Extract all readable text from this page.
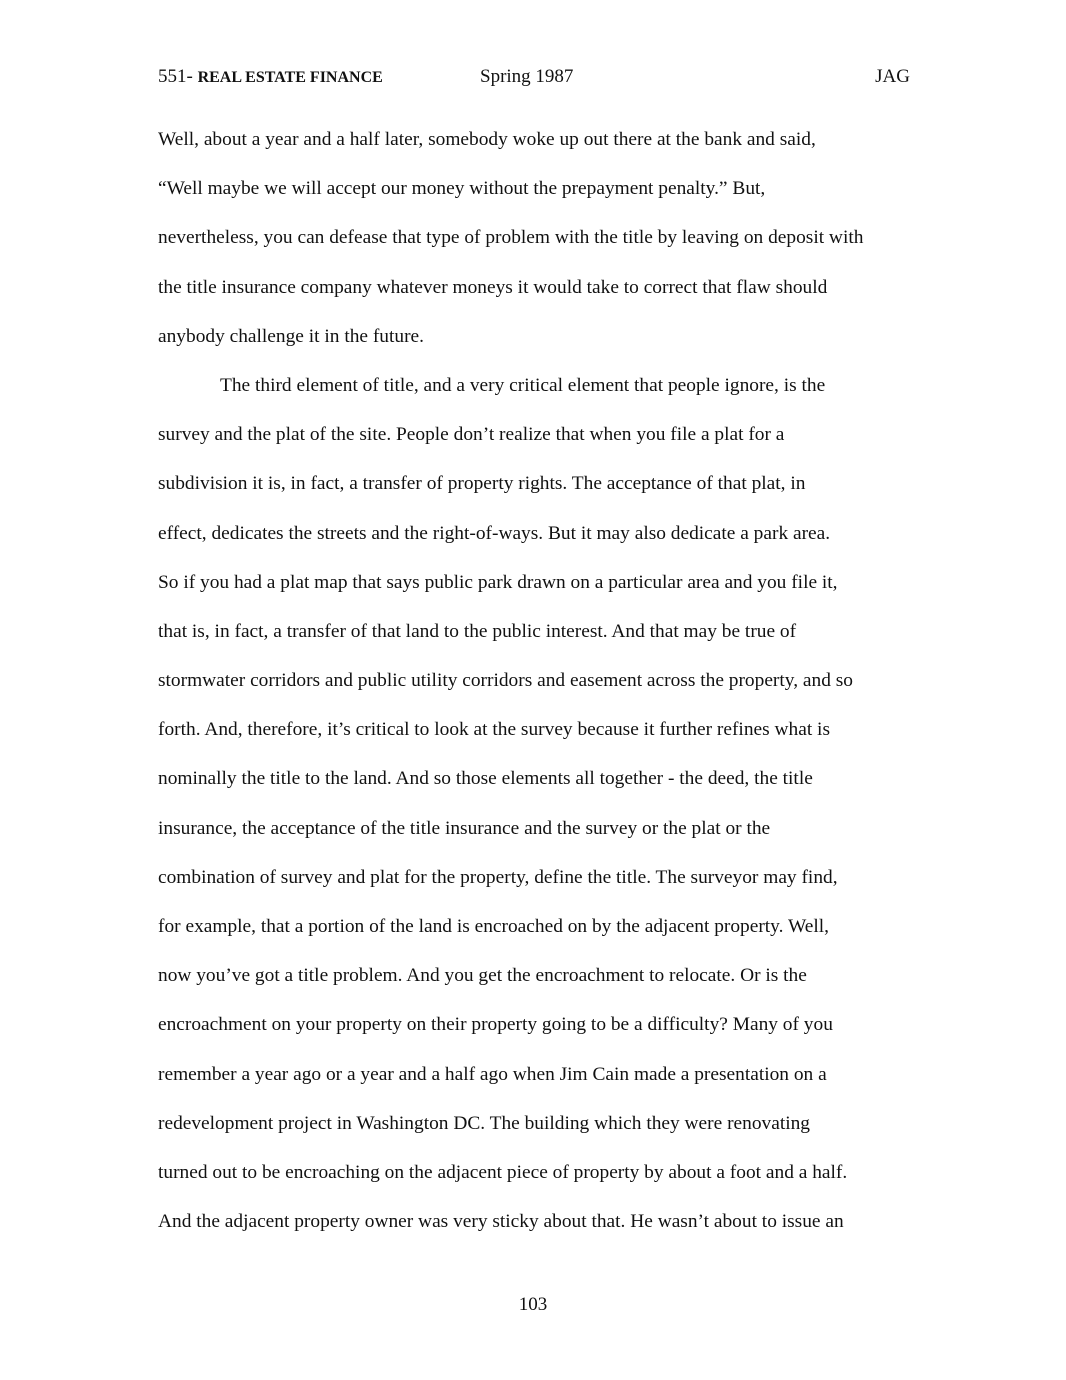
551- REAL ESTATE FINANCE	Spring 1987	JAG
Well, about a year and a half later, somebody woke up out there at the bank and said,
“Well maybe we will accept our money without the prepayment penalty.” But,
nevertheless, you can defease that type of problem with the title by leaving on deposit with
the title insurance company whatever moneys it would take to correct that flaw should
anybody challenge it in the future.
The third element of title, and a very critical element that people ignore, is the
survey and the plat of the site. People don’t realize that when you file a plat for a
subdivision it is, in fact, a transfer of property rights. The acceptance of that plat, in
effect, dedicates the streets and the right-of-ways. But it may also dedicate a park area.
So if you had a plat map that says public park drawn on a particular area and you file it,
that is, in fact, a transfer of that land to the public interest. And that may be true of
stormwater corridors and public utility corridors and easement across the property, and so
forth. And, therefore, it’s critical to look at the survey because it further refines what is
nominally the title to the land. And so those elements all together - the deed, the title
insurance, the acceptance of the title insurance and the survey or the plat or the
combination of survey and plat for the property, define the title. The surveyor may find,
for example, that a portion of the land is encroached on by the adjacent property. Well,
now you’ve got a title problem. And you get the encroachment to relocate. Or is the
encroachment on your property on their property going to be a difficulty? Many of you
remember a year ago or a year and a half ago when Jim Cain made a presentation on a
redevelopment project in Washington DC. The building which they were renovating
turned out to be encroaching on the adjacent piece of property by about a foot and a half.
And the adjacent property owner was very sticky about that. He wasn’t about to issue an
103
